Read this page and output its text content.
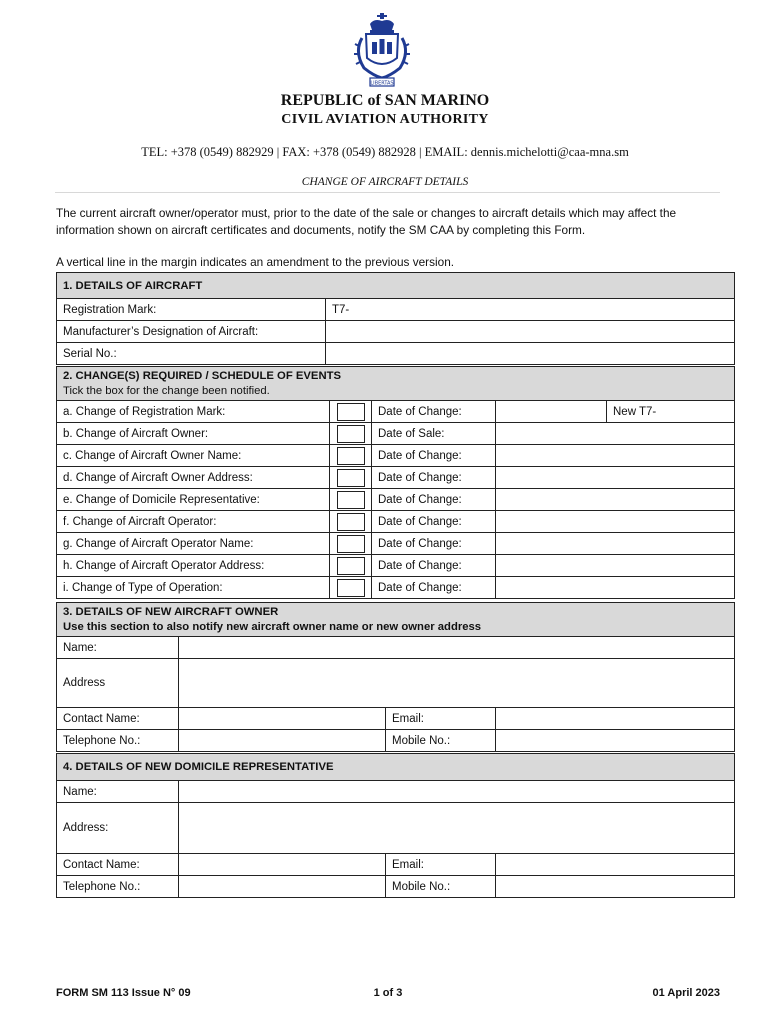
LIBERTAS
REPUBLIC of SAN MARINO
CIVIL AVIATION AUTHORITY
TEL: +378 (0549) 882929 | FAX: +378 (0549) 882928 | EMAIL: dennis.michelotti@caa-mna.sm
CHANGE OF AIRCRAFT DETAILS
The current aircraft owner/operator must, prior to the date of the sale or changes to aircraft details which may affect the information shown on aircraft certificates and documents, notify the SM CAA by completing this Form.
A vertical line in the margin indicates an amendment to the previous version.
1. DETAILS OF AIRCRAFT	
Registration Mark:	T7-
Manufacturer’s Designation of Aircraft:	
Serial No.:	
2. CHANGE(S) REQUIRED / SCHEDULE OF EVENTS
Tick the box for the change been notified.				

a. Change of Registration Mark:		Date of Change:		New T7-
b. Change of Aircraft Owner:		Date of Sale:		
c. Change of Aircraft Owner Name:		Date of Change:		
d. Change of Aircraft Owner Address:		Date of Change:		
e. Change of Domicile Representative:		Date of Change:		
f. Change of Aircraft Operator:		Date of Change:		
g. Change of Aircraft Operator Name:		Date of Change:		
h. Change of Aircraft Operator Address:		Date of Change:		
i. Change of Type of Operation:		Date of Change:		
3. DETAILS OF NEW AIRCRAFT OWNER
Use this section to also notify new aircraft owner name or new owner address			

Name:			
Address			
Contact Name:		Email:	
Telephone No.:		Mobile No.:	
4. DETAILS OF NEW DOMICILE REPRESENTATIVE			
Name:			
Address:			
Contact Name:		Email:	
Telephone No.:		Mobile No.:	
FORM SM 113 Issue N° 09	1 of 3	01 April 2023
